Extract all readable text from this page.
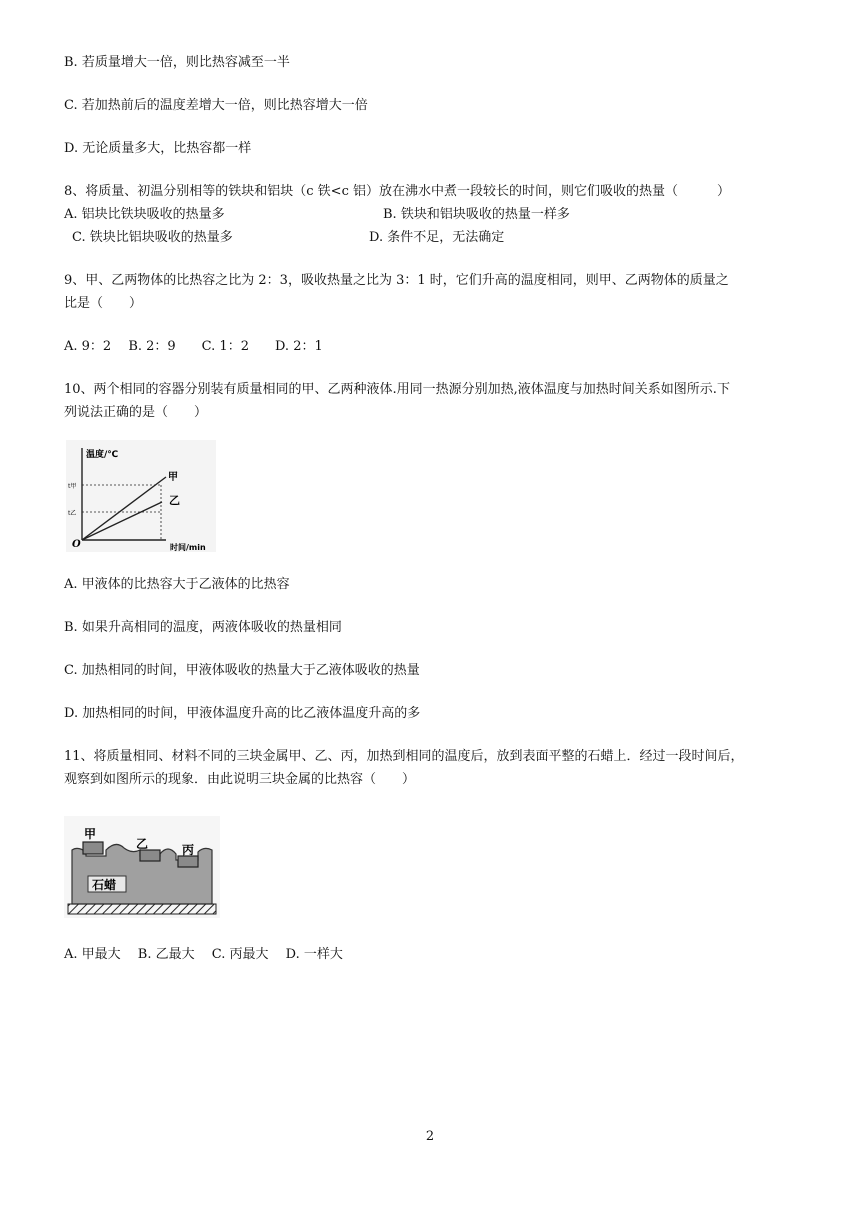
B. 若质量增大一倍，则比热容减至一半
C. 若加热前后的温度差增大一倍，则比热容增大一倍
D. 无论质量多大，比热容都一样
8、将质量、初温分别相等的铁块和铝块（c 铁<c 铝）放在沸水中煮一段较长的时间，则它们吸收的热量（　　　）
A. 铝块比铁块吸收的热量多	B. 铁块和铝块吸收的热量一样多
C. 铁块比铝块吸收的热量多	D. 条件不足，无法确定
9、甲、乙两物体的比热容之比为 2：3，吸收热量之比为 3：1 时，它们升高的温度相同，则甲、乙两物体的质量之
比是（　　）
A. 9：2　 B. 2：9　　C. 1：2　　D. 2：1
10、两个相同的容器分别装有质量相同的甲、乙两种液体.用同一热源分别加热,液体温度与加热时间关系如图所示.下
列说法正确的是（　　）
温度/℃
时间/min
O
t甲
t乙
甲
乙
A. 甲液体的比热容大于乙液体的比热容
B. 如果升高相同的温度，两液体吸收的热量相同
C. 加热相同的时间，甲液体吸收的热量大于乙液体吸收的热量
D. 加热相同的时间，甲液体温度升高的比乙液体温度升高的多
11、将质量相同、材料不同的三块金属甲、乙、丙，加热到相同的温度后，放到表面平整的石蜡上．经过一段时间后，
观察到如图所示的现象．由此说明三块金属的比热容（　　）
甲
乙	丙
石蜡
A. 甲最大　 B. 乙最大　 C. 丙最大　 D. 一样大
2
